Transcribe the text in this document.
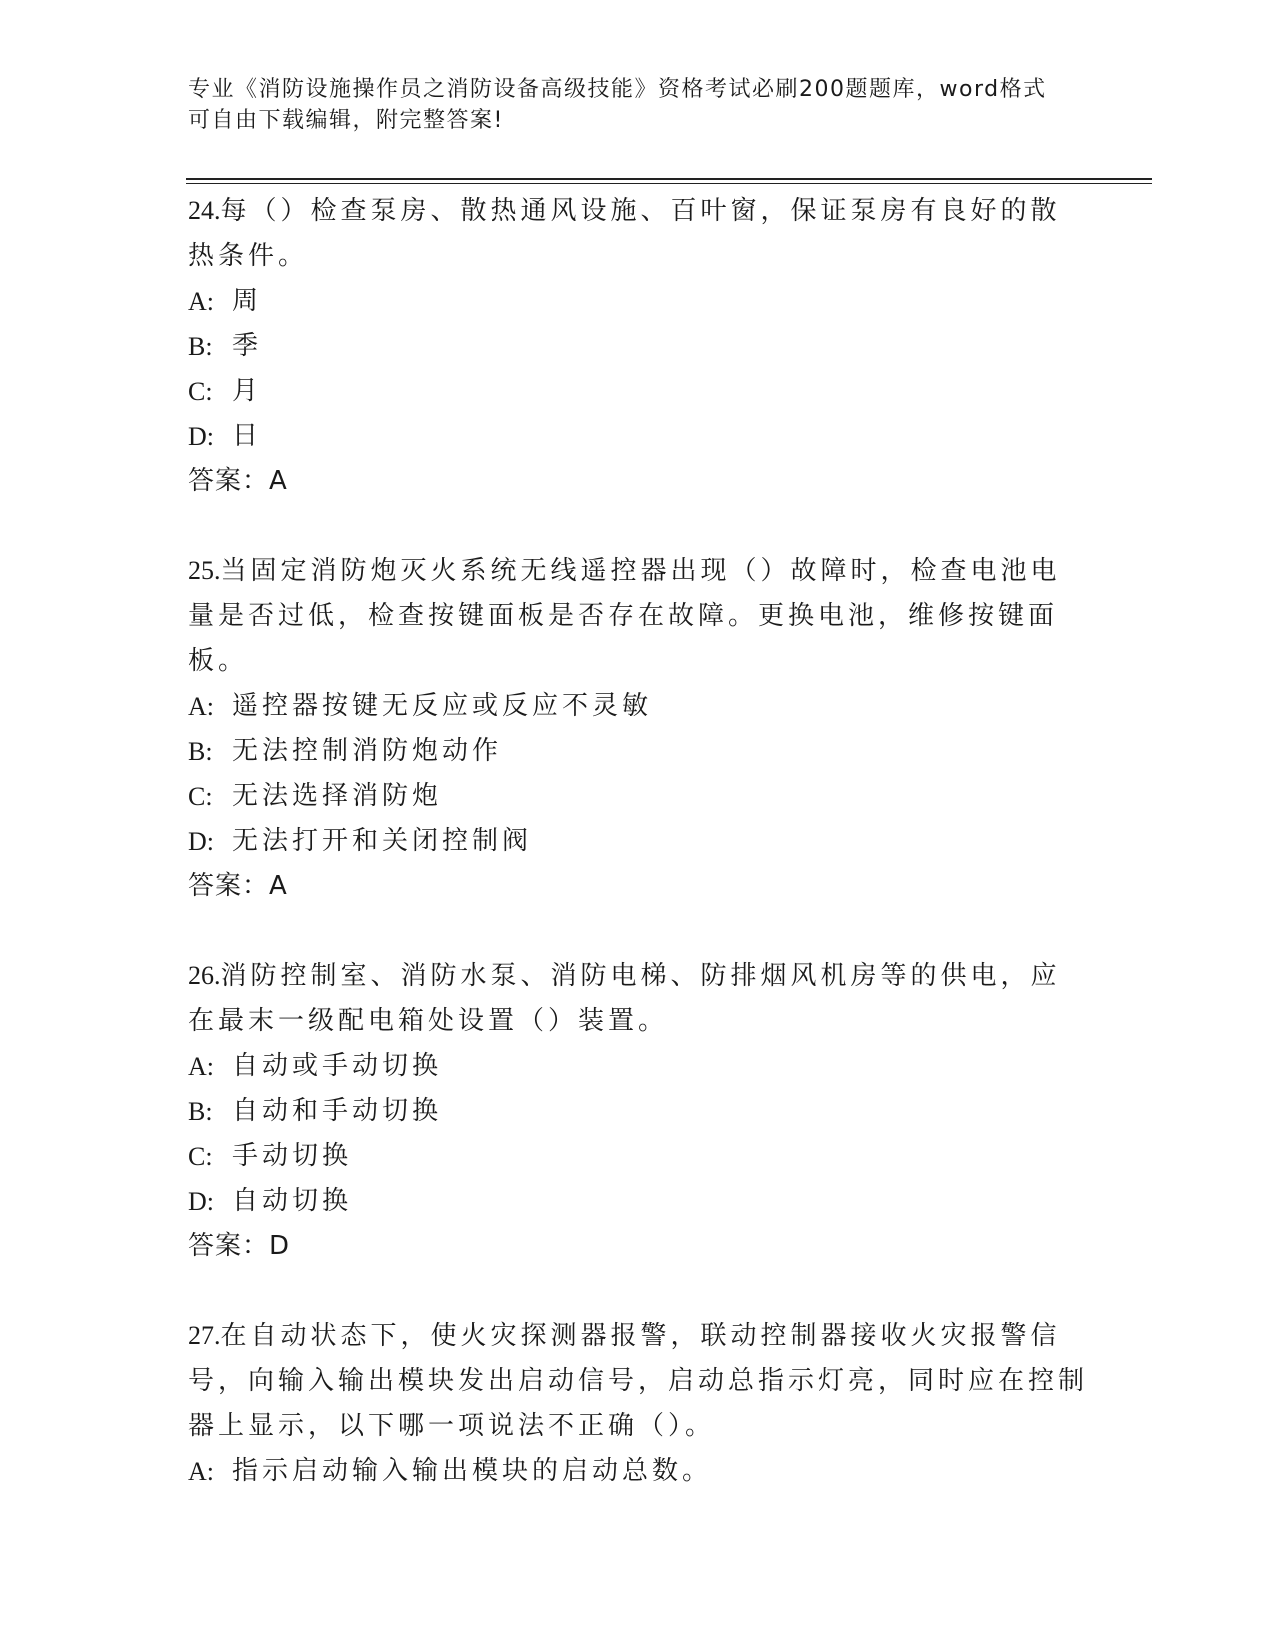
专业《消防设施操作员之消防设备高级技能》资格考试必刷200题题库，word格式可自由下载编辑，附完整答案!

24.每（）检查泵房、散热通风设施、百叶窗，保证泵房有良好的散热条件。

A: 周
B: 季
C: 月
D: 日

答案：A

25.当固定消防炮灭火系统无线遥控器出现（）故障时，检查电池电量是否过低，检查按键面板是否存在故障。更换电池，维修按键面板。

A: 遥控器按键无反应或反应不灵敏
B: 无法控制消防炮动作
C: 无法选择消防炮
D: 无法打开和关闭控制阀

答案：A

26.消防控制室、消防水泵、消防电梯、防排烟风机房等的供电，应在最末一级配电箱处设置（）装置。

A: 自动或手动切换
B: 自动和手动切换
C: 手动切换
D: 自动切换

答案：D

27.在自动状态下，使火灾探测器报警，联动控制器接收火灾报警信号，向输入输出模块发出启动信号，启动总指示灯亮，同时应在控制器上显示，以下哪一项说法不正确（）。

A: 指示启动输入输出模块的启动总数。
